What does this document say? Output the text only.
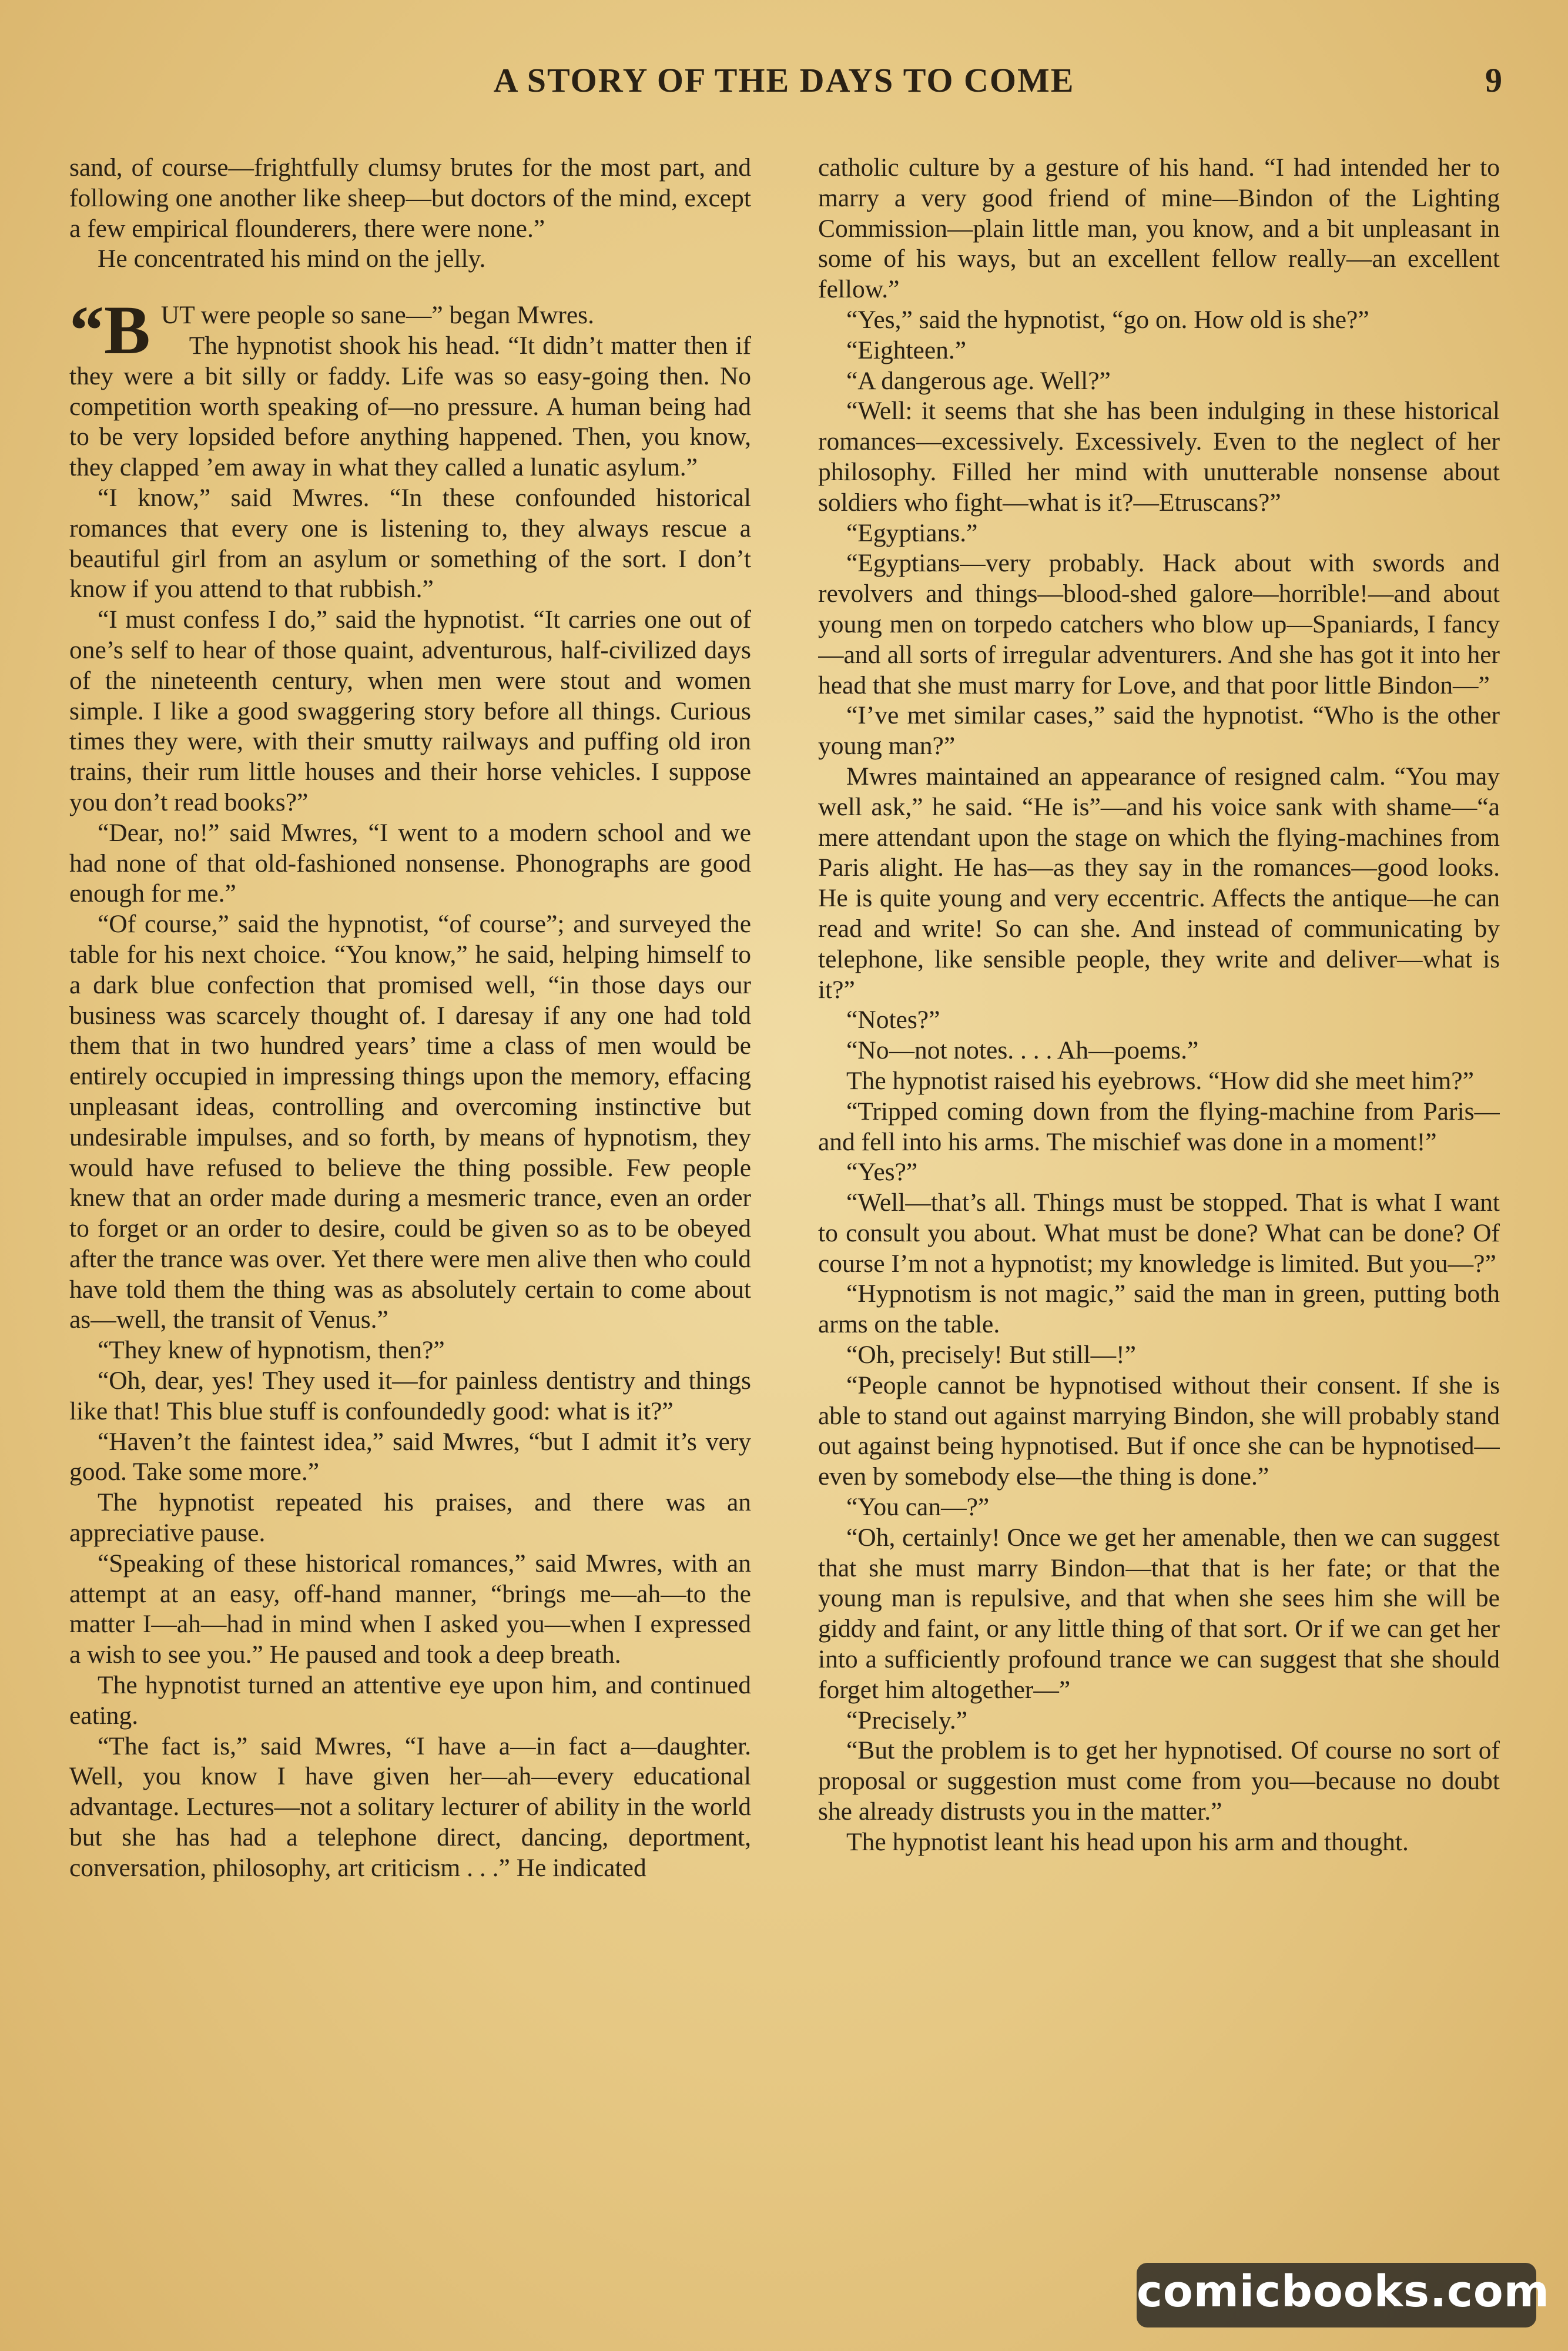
A STORY OF THE DAYS TO COME	9

sand, of course—frightfully clumsy brutes for the most part, and following one another like sheep—but doctors of the mind, except a few empirical flounderers, there were none.”

He concentrated his mind on the jelly.

“BUT were people so sane—” began Mwres.

The hypnotist shook his head. “It didn’t matter then if they were a bit silly or faddy. Life was so easy-going then. No competition worth speaking of—no pressure. A human being had to be very lopsided before anything happened. Then, you know, they clapped ’em away in what they called a lunatic asylum.”

“I know,” said Mwres. “In these confounded historical romances that every one is listening to, they always rescue a beautiful girl from an asylum or something of the sort. I don’t know if you attend to that rubbish.”

“I must confess I do,” said the hypnotist. “It carries one out of one’s self to hear of those quaint, adventurous, half-civilized days of the nineteenth century, when men were stout and women simple. I like a good swaggering story before all things. Curious times they were, with their smutty railways and puffing old iron trains, their rum little houses and their horse vehicles. I suppose you don’t read books?”

“Dear, no!” said Mwres, “I went to a modern school and we had none of that old-fashioned nonsense. Phonographs are good enough for me.”

“Of course,” said the hypnotist, “of course”; and surveyed the table for his next choice. “You know,” he said, helping himself to a dark blue confection that promised well, “in those days our business was scarcely thought of. I daresay if any one had told them that in two hundred years’ time a class of men would be entirely occupied in impressing things upon the memory, effacing unpleasant ideas, controlling and overcoming instinctive but undesirable impulses, and so forth, by means of hypnotism, they would have refused to believe the thing possible. Few people knew that an order made during a mesmeric trance, even an order to forget or an order to desire, could be given so as to be obeyed after the trance was over. Yet there were men alive then who could have told them the thing was as absolutely certain to come about as—well, the transit of Venus.”

“They knew of hypnotism, then?”

“Oh, dear, yes! They used it—for painless dentistry and things like that! This blue stuff is confoundedly good: what is it?”

“Haven’t the faintest idea,” said Mwres, “but I admit it’s very good. Take some more.”

The hypnotist repeated his praises, and there was an appreciative pause.

“Speaking of these historical romances,” said Mwres, with an attempt at an easy, off-hand manner, “brings me—ah—to the matter I—ah—had in mind when I asked you—when I expressed a wish to see you.” He paused and took a deep breath.

The hypnotist turned an attentive eye upon him, and continued eating.

“The fact is,” said Mwres, “I have a—in fact a—daughter. Well, you know I have given her—ah—every educational advantage. Lectures—not a solitary lecturer of ability in the world but she has had a telephone direct, dancing, deportment, conversation, philosophy, art criticism . . .” He indicated

catholic culture by a gesture of his hand. “I had intended her to marry a very good friend of mine—Bindon of the Lighting Commission—plain little man, you know, and a bit unpleasant in some of his ways, but an excellent fellow really—an excellent fellow.”

“Yes,” said the hypnotist, “go on. How old is she?”

“Eighteen.”

“A dangerous age. Well?”

“Well: it seems that she has been indulging in these historical romances—excessively. Excessively. Even to the neglect of her philosophy. Filled her mind with unutterable nonsense about soldiers who fight—what is it?—Etruscans?”

“Egyptians.”

“Egyptians—very probably. Hack about with swords and revolvers and things—blood-shed galore—horrible!—and about young men on torpedo catchers who blow up—Spaniards, I fancy—and all sorts of irregular adventurers. And she has got it into her head that she must marry for Love, and that poor little Bindon—”

“I’ve met similar cases,” said the hypnotist. “Who is the other young man?”

Mwres maintained an appearance of resigned calm. “You may well ask,” he said. “He is”—and his voice sank with shame—“a mere attendant upon the stage on which the flying-machines from Paris alight. He has—as they say in the romances—good looks. He is quite young and very eccentric. Affects the antique—he can read and write! So can she. And instead of communicating by telephone, like sensible people, they write and deliver—what is it?”

“Notes?”

“No—not notes. . . . Ah—poems.”

The hypnotist raised his eyebrows. “How did she meet him?”

“Tripped coming down from the flying-machine from Paris—and fell into his arms. The mischief was done in a moment!”

“Yes?”

“Well—that’s all. Things must be stopped. That is what I want to consult you about. What must be done? What can be done? Of course I’m not a hypnotist; my knowledge is limited. But you—?”

“Hypnotism is not magic,” said the man in green, putting both arms on the table.

“Oh, precisely! But still—!”

“People cannot be hypnotised without their consent. If she is able to stand out against marrying Bindon, she will probably stand out against being hypnotised. But if once she can be hypnotised—even by somebody else—the thing is done.”

“You can—?”

“Oh, certainly! Once we get her amenable, then we can suggest that she must marry Bindon—that that is her fate; or that the young man is repulsive, and that when she sees him she will be giddy and faint, or any little thing of that sort. Or if we can get her into a sufficiently profound trance we can suggest that she should forget him altogether—”

“Precisely.”

“But the problem is to get her hypnotised. Of course no sort of proposal or suggestion must come from you—because no doubt she already distrusts you in the matter.”

The hypnotist leant his head upon his arm and thought.

comicbooks.com
